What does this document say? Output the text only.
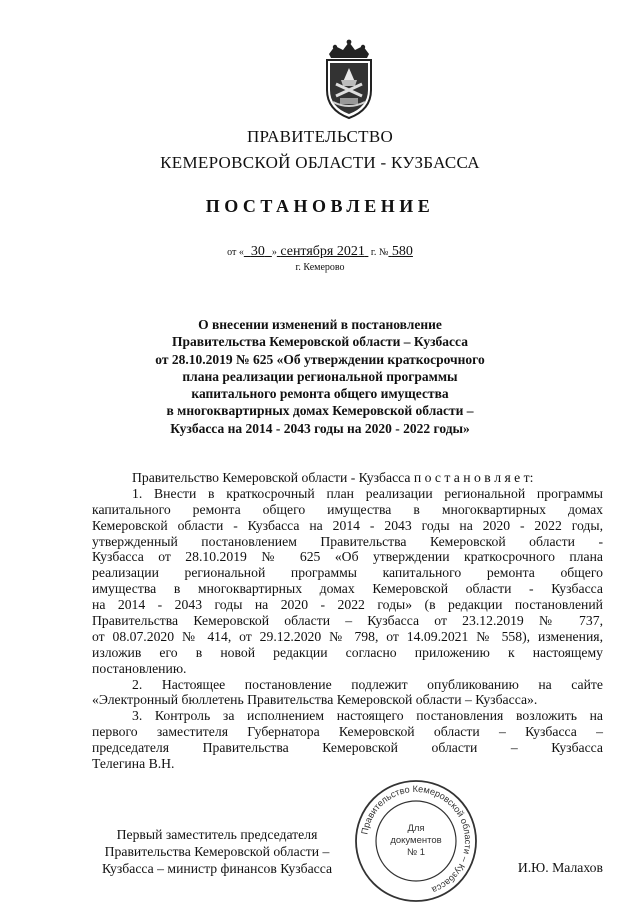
ПРАВИТЕЛЬСТВО
КЕМЕРОВСКОЙ ОБЛАСТИ - КУЗБАССА
ПОСТАНОВЛЕНИЕ
от « 30 » сентября 2021 г. № 580
г. Кемерово
О внесении изменений в постановление
Правительства Кемеровской области – Кузбасса
от 28.10.2019 № 625 «Об утверждении краткосрочного
плана реализации региональной программы
капитального ремонта общего имущества
в многоквартирных домах Кемеровской области –
Кузбасса на 2014 - 2043 годы на 2020 - 2022 годы»
Правительство Кемеровской области - Кузбасса п о с т а н о в л я е т:
1. Внести в краткосрочный план реализации региональной программы
капитального ремонта общего имущества в многоквартирных домах
Кемеровской области - Кузбасса на 2014 - 2043 годы на 2020 - 2022 годы,
утвержденный постановлением Правительства Кемеровской области -
Кузбасса от 28.10.2019 № 625 «Об утверждении краткосрочного плана
реализации региональной программы капитального ремонта общего
имущества в многоквартирных домах Кемеровской области - Кузбасса
на 2014 - 2043 годы на 2020 - 2022 годы» (в редакции постановлений
Правительства Кемеровской области – Кузбасса от 23.12.2019 № 737,
от 08.07.2020 № 414, от 29.12.2020 № 798, от 14.09.2021 № 558), изменения,
изложив его в новой редакции согласно приложению к настоящему
постановлению.
2. Настоящее постановление подлежит опубликованию на сайте
«Электронный бюллетень Правительства Кемеровской области – Кузбасса».
3. Контроль за исполнением настоящего постановления возложить на
первого заместителя Губернатора Кемеровской области – Кузбасса –
председателя Правительства Кемеровской области – Кузбасса
Телегина В.Н.
Первый заместитель председателя
Правительства Кемеровской области –
Кузбасса – министр финансов Кузбасса	И.Ю. Малахов
Правительство Кемеровской области – Кузбасса
Для
документов
№ 1
